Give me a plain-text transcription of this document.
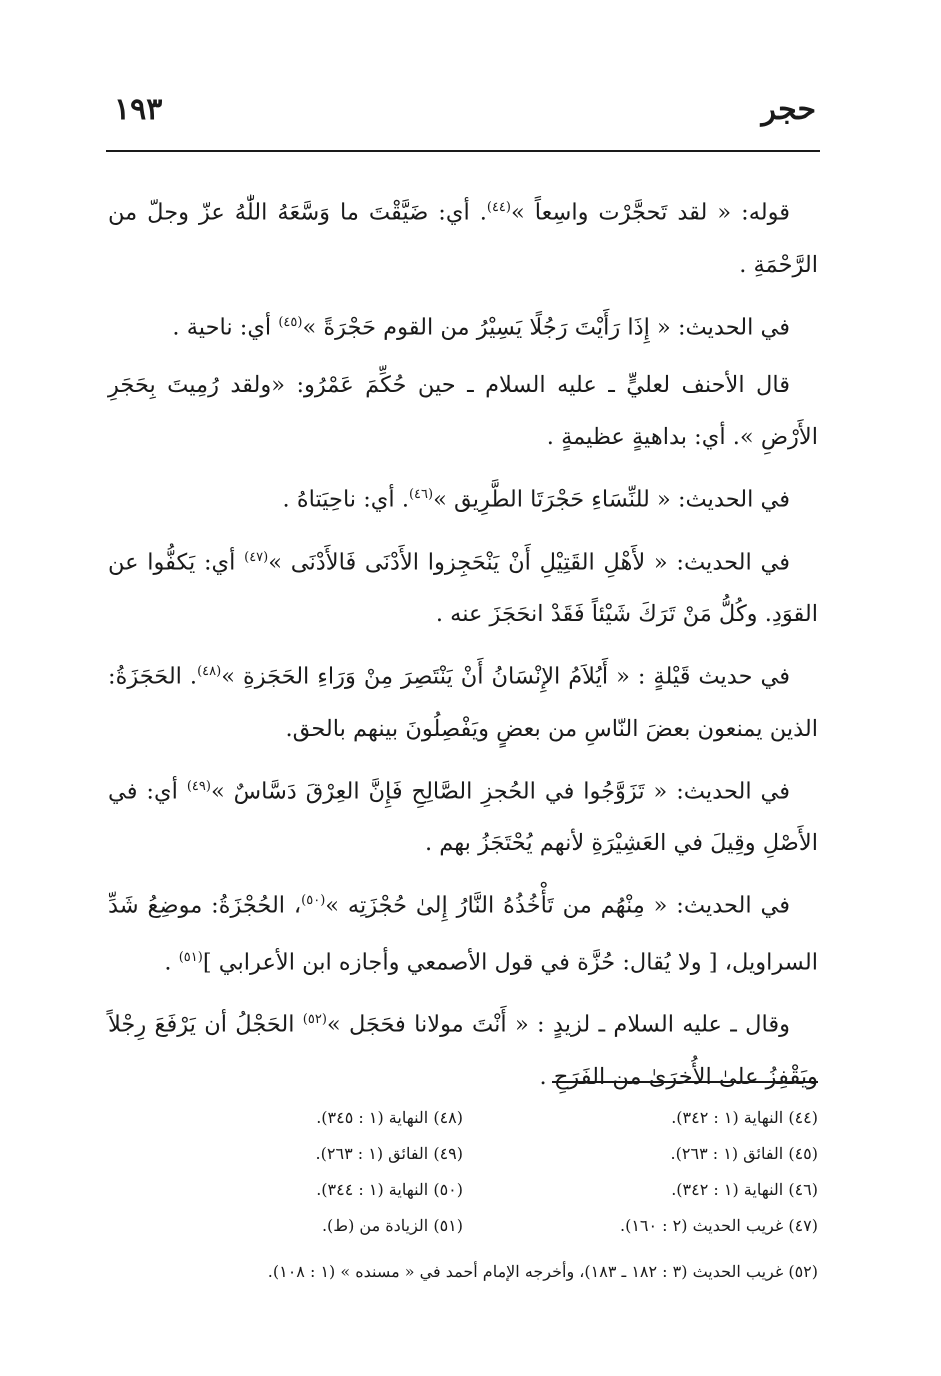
١٩٣	حجر

قوله: « لقد تَحجَّرْت واسِعاً »$^{(٤٤)}$. أي: ضَيَّقْتَ ما وَسَّعَهُ اللّٰهُ عزّ وجلّ من الرَّحْمَةِ .

في الحديث: « إِذَا رَأَيْتَ رَجُلًا يَسِيْرُ من القوم حَجْرَةً »$^{(٤٥)}$ أي: ناحية .

قال الأحنف لعليٍّ ـ عليه السلام ـ حين حُكِّمَ عَمْرُو: «ولقد رُمِيتَ بِحَجَرِ الأَرْضِ ». أي: بداهيةٍ عظيمةٍ .

في الحديث: « للنِّسَاءِ حَجْرَتَا الطَّرِيق »$^{(٤٦)}$. أي: ناحِيَتاهُ .

في الحديث: « لأَهْلِ القَتِيْلِ أَنْ يَنْحَجِزوا الأَدْنَى فَالأَدْنَى »$^{(٤٧)}$ أي: يَكفُّوا عن القوَدِ. وكُلُّ مَنْ تَرَكَ شَيْئاً فَقَدْ انحَجَزَ عنه .

في حديث قَيْلةٍ : « أَيُلاَمُ الإِنْسَانُ أَنْ يَنْتَصِرَ مِنْ وَرَاءِ الحَجَزةِ »$^{(٤٨)}$. الحَجَزَةُ: الذين يمنعون بعضَ النّاسِ من بعضٍ ويَفْصِلُونَ بينهم بالحق.

في الحديث: « تَزَوَّجُوا في الحُجزِ الصَّالِحِ فَإِنَّ العِرْقَ دَسَّاسٌ »$^{(٤٩)}$ أي: في الأَصْلِ وقِيلَ في العَشِيْرَةِ لأنهم يُحْتَجَزُ بهم .

في الحديث: « مِنْهُم من تَأْخُذُهُ النَّارُ إِلىٰ حُجْزَتِه »$^{(٥٠)}$، الحُجْزَةُ: موضِعُ شَدِّ السراويل، [ ولا يُقال: حُزَّة في قول الأصمعي وأجازه ابن الأعرابي ]$^{(٥١)}$ .

وقال ـ عليه السلام ـ لزيدٍ : « أَنْتَ مولانا فحَجَل »$^{(٥٢)}$ الحَجْلُ أن يَرْفَعَ رِجْلاً ويَقْفِزُ علىٰ الأُخرَىٰ من الفَرَحِ .

(٤٤) النهاية (١ : ٣٤٢).
(٤٨) النهاية (١ : ٣٤٥).
(٤٥) الفائق (١ : ٢٦٣).
(٤٩) الفائق (١ : ٢٦٣).
(٤٦) النهاية (١ : ٣٤٢).
(٥٠) النهاية (١ : ٣٤٤).
(٤٧) غريب الحديث (٢ : ١٦٠).
(٥١) الزيادة من (ط).
(٥٢) غريب الحديث (٣ : ١٨٢ ـ ١٨٣)، وأخرجه الإمام أحمد في « مسنده » (١ : ١٠٨).
